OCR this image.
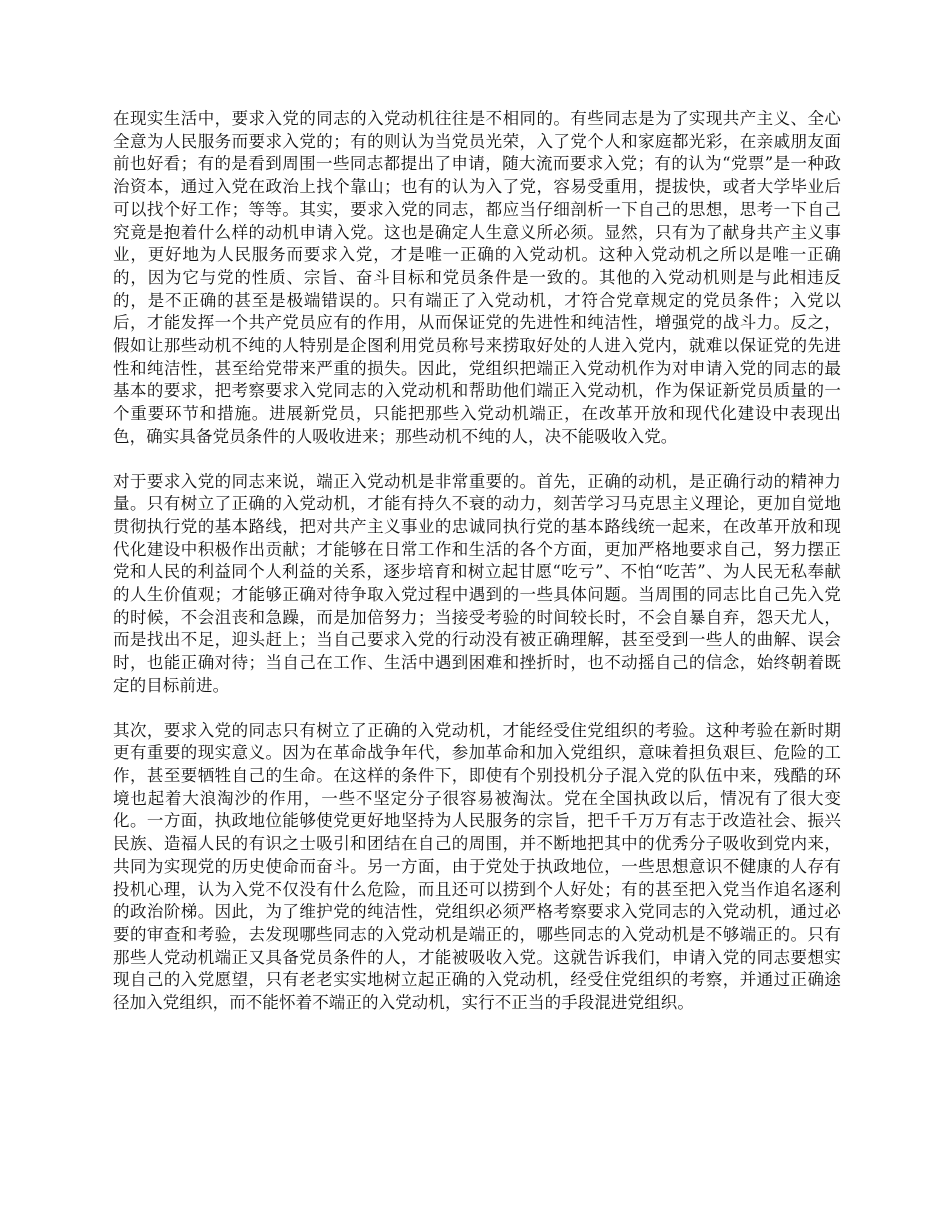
在现实生活中，要求入党的同志的入党动机往往是不相同的。有些同志是为了实现共产主义、全心全意为人民服务而要求入党的；有的则认为当党员光荣，入了党个人和家庭都光彩，在亲戚朋友面前也好看；有的是看到周围一些同志都提出了申请，随大流而要求入党；有的认为“党票”是一种政治资本，通过入党在政治上找个靠山；也有的认为入了党，容易受重用，提拔快，或者大学毕业后可以找个好工作；等等。其实，要求入党的同志，都应当仔细剖析一下自己的思想，思考一下自己究竟是抱着什么样的动机申请入党。这也是确定人生意义所必须。显然，只有为了献身共产主义事业，更好地为人民服务而要求入党，才是唯一正确的入党动机。这种入党动机之所以是唯一正确的，因为它与党的性质、宗旨、奋斗目标和党员条件是一致的。其他的入党动机则是与此相违反的，是不正确的甚至是极端错误的。只有端正了入党动机，才符合党章规定的党员条件；入党以后，才能发挥一个共产党员应有的作用，从而保证党的先进性和纯洁性，增强党的战斗力。反之，假如让那些动机不纯的人特别是企图利用党员称号来捞取好处的人进入党内，就难以保证党的先进性和纯洁性，甚至给党带来严重的损失。因此，党组织把端正入党动机作为对申请入党的同志的最基本的要求，把考察要求入党同志的入党动机和帮助他们端正入党动机，作为保证新党员质量的一个重要环节和措施。进展新党员，只能把那些入党动机端正，在改革开放和现代化建设中表现出色，确实具备党员条件的人吸收进来；那些动机不纯的人，决不能吸收入党。

对于要求入党的同志来说，端正入党动机是非常重要的。首先，正确的动机，是正确行动的精神力量。只有树立了正确的入党动机，才能有持久不衰的动力，刻苦学习马克思主义理论，更加自觉地贯彻执行党的基本路线，把对共产主义事业的忠诚同执行党的基本路线统一起来，在改革开放和现代化建设中积极作出贡献；才能够在日常工作和生活的各个方面，更加严格地要求自己，努力摆正党和人民的利益同个人利益的关系，逐步培育和树立起甘愿“吃亏”、不怕“吃苦”、为人民无私奉献的人生价值观；才能够正确对待争取入党过程中遇到的一些具体问题。当周围的同志比自己先入党的时候，不会沮丧和急躁，而是加倍努力；当接受考验的时间较长时，不会自暴自弃，怨天尤人，而是找出不足，迎头赶上；当自己要求入党的行动没有被正确理解，甚至受到一些人的曲解、误会时，也能正确对待；当自己在工作、生活中遇到困难和挫折时，也不动摇自己的信念，始终朝着既定的目标前进。

其次，要求入党的同志只有树立了正确的入党动机，才能经受住党组织的考验。这种考验在新时期更有重要的现实意义。因为在革命战争年代，参加革命和加入党组织，意味着担负艰巨、危险的工作，甚至要牺牲自己的生命。在这样的条件下，即使有个别投机分子混入党的队伍中来，残酷的环境也起着大浪淘沙的作用，一些不坚定分子很容易被淘汰。党在全国执政以后，情况有了很大变化。一方面，执政地位能够使党更好地坚持为人民服务的宗旨，把千千万万有志于改造社会、振兴民族、造福人民的有识之士吸引和团结在自己的周围，并不断地把其中的优秀分子吸收到党内来，共同为实现党的历史使命而奋斗。另一方面，由于党处于执政地位，一些思想意识不健康的人存有投机心理，认为入党不仅没有什么危险，而且还可以捞到个人好处；有的甚至把入党当作追名逐利的政治阶梯。因此，为了维护党的纯洁性，党组织必须严格考察要求入党同志的入党动机，通过必要的审查和考验，去发现哪些同志的入党动机是端正的，哪些同志的入党动机是不够端正的。只有那些人党动机端正又具备党员条件的人，才能被吸收入党。这就告诉我们，申请入党的同志要想实现自己的入党愿望，只有老老实实地树立起正确的入党动机，经受住党组织的考察，并通过正确途径加入党组织，而不能怀着不端正的入党动机，实行不正当的手段混进党组织。
